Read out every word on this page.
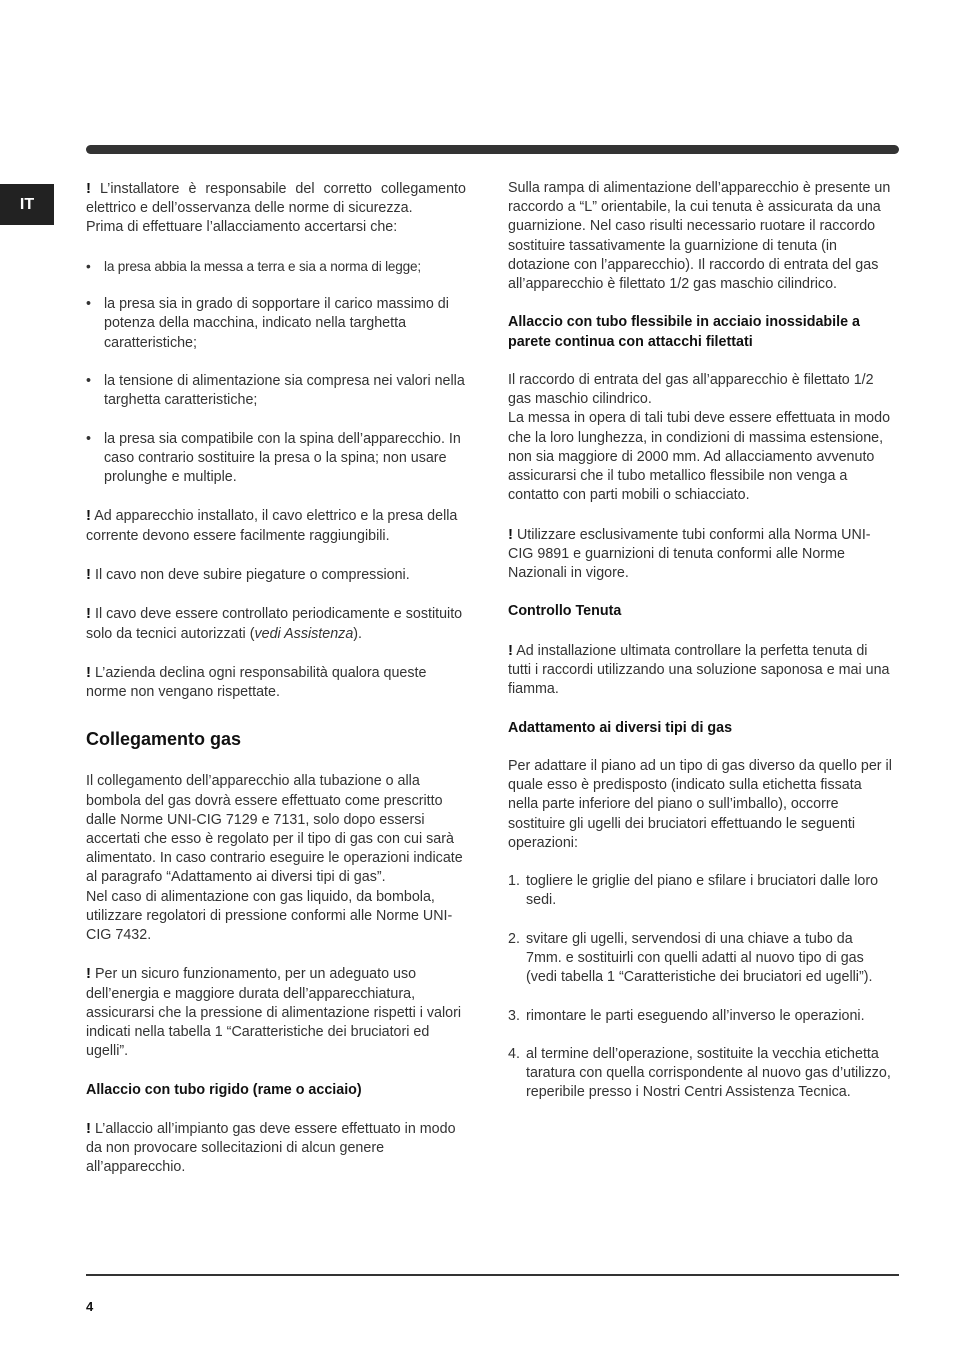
IT

! L’installatore è responsabile del corretto collegamento elettrico e dell’osservanza delle norme di sicurezza.

Prima di effettuare l’allacciamento accertarsi che:

• la presa abbia la messa a terra e sia a norma di legge;
• la presa sia in grado di sopportare il carico massimo di potenza della macchina, indicato nella targhetta caratteristiche;
• la tensione di alimentazione sia compresa nei valori nella targhetta caratteristiche;
• la presa sia compatibile con la spina dell’apparecchio. In caso contrario sostituire la presa o la spina; non usare prolunghe e multiple.

! Ad apparecchio installato, il cavo elettrico e la presa della corrente devono essere facilmente raggiungibili.

! Il cavo non deve subire piegature o compressioni.

! Il cavo deve essere controllato periodicamente e sostituito solo da tecnici autorizzati (vedi Assistenza).

! L’azienda declina ogni responsabilità qualora queste norme non vengano rispettate.

Collegamento gas

Il collegamento dell’apparecchio alla tubazione o alla bombola del gas dovrà essere effettuato come prescritto dalle Norme UNI-CIG 7129 e 7131, solo dopo essersi accertati che esso è regolato per il tipo di gas con cui sarà alimentato. In caso contrario eseguire le operazioni indicate al paragrafo “Adattamento ai diversi tipi di gas”.

Nel caso di alimentazione con gas liquido, da bombola, utilizzare regolatori di pressione conformi alle Norme UNI-CIG 7432.

! Per un sicuro funzionamento, per un adeguato uso dell’energia e maggiore durata dell’apparecchiatura, assicurarsi che la pressione di alimentazione rispetti i valori indicati nella tabella 1 “Caratteristiche dei bruciatori ed ugelli”.

Allaccio con tubo rigido (rame o acciaio)

! L’allaccio all’impianto gas deve essere effettuato in modo da non provocare sollecitazioni di alcun genere all’apparecchio.

Sulla rampa di alimentazione dell’apparecchio è presente un raccordo a “L” orientabile, la cui tenuta è assicurata da una guarnizione. Nel caso risulti necessario ruotare il raccordo sostituire tassativamente la guarnizione di tenuta (in dotazione con l’apparecchio). Il raccordo di entrata del gas all’apparecchio è filettato 1/2 gas maschio cilindrico.

Allaccio con tubo flessibile in acciaio inossidabile a parete continua con attacchi filettati

Il raccordo di entrata del gas all’apparecchio è filettato 1/2 gas maschio cilindrico.

La messa in opera di tali tubi deve essere effettuata in modo che la loro lunghezza, in condizioni di massima estensione, non sia maggiore di 2000 mm. Ad allacciamento avvenuto assicurarsi che il tubo metallico flessibile non venga a contatto con parti mobili o schiacciato.

! Utilizzare esclusivamente tubi conformi alla Norma UNI-CIG 9891 e guarnizioni di tenuta conformi alle Norme Nazionali in vigore.

Controllo Tenuta

! Ad installazione ultimata controllare la perfetta tenuta di tutti i raccordi utilizzando una soluzione saponosa e mai una fiamma.

Adattamento ai diversi tipi di gas

Per adattare il piano ad un tipo di gas diverso da quello per il quale esso è predisposto (indicato sulla etichetta fissata nella parte inferiore del piano o sull’imballo), occorre sostituire gli ugelli dei bruciatori effettuando le seguenti operazioni:

1. togliere le griglie del piano e sfilare i bruciatori dalle loro sedi.
2. svitare gli ugelli, servendosi di una chiave a tubo da 7mm. e sostituirli con quelli adatti al nuovo tipo di gas (vedi tabella 1 “Caratteristiche dei bruciatori ed ugelli”).
3. rimontare le parti eseguendo all’inverso le operazioni.
4. al termine dell’operazione, sostituite la vecchia etichetta taratura con quella corrispondente al nuovo gas d’utilizzo, reperibile presso i Nostri Centri Assistenza Tecnica.
4
